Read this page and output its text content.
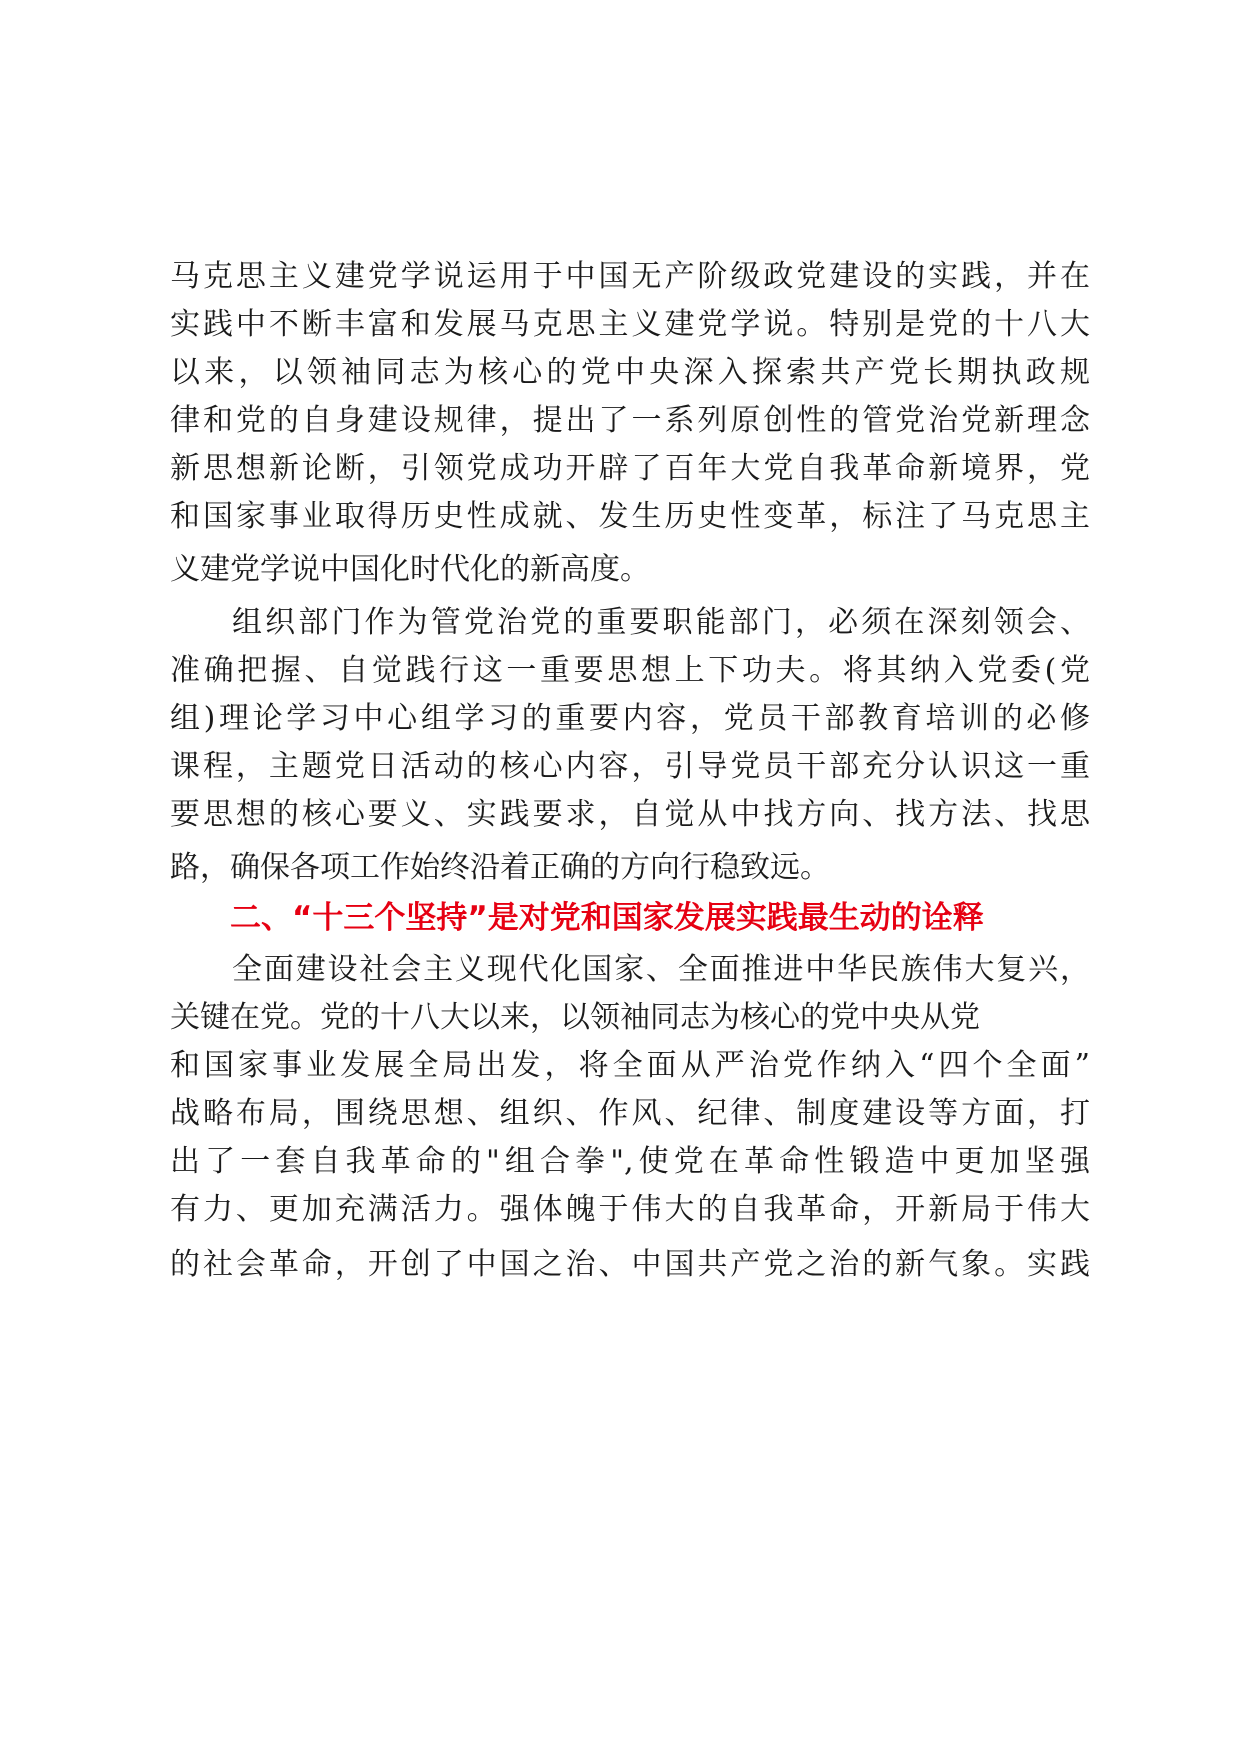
马克思主义建党学说运用于中国无产阶级政党建设的实践，并在
实践中不断丰富和发展马克思主义建党学说。特别是党的十八大
以来，以领袖同志为核心的党中央深入探索共产党长期执政规
律和党的自身建设规律，提出了一系列原创性的管党治党新理念
新思想新论断，引领党成功开辟了百年大党自我革命新境界，党
和国家事业取得历史性成就、发生历史性变革，标注了马克思主
义建党学说中国化时代化的新高度。
组织部门作为管党治党的重要职能部门，必须在深刻领会、
准确把握、自觉践行这一重要思想上下功夫。将其纳入党委(党
组)理论学习中心组学习的重要内容，党员干部教育培训的必修
课程，主题党日活动的核心内容，引导党员干部充分认识这一重
要思想的核心要义、实践要求，自觉从中找方向、找方法、找思
路，确保各项工作始终沿着正确的方向行稳致远。
二、“十三个坚持”是对党和国家发展实践最生动的诠释
全面建设社会主义现代化国家、全面推进中华民族伟大复兴，
关键在党。党的十八大以来，以领袖同志为核心的党中央从党
和国家事业发展全局出发，将全面从严治党作纳入“四个全面”
战略布局，围绕思想、组织、作风、纪律、制度建设等方面，打
出了一套自我革命的"组合拳",使党在革命性锻造中更加坚强
有力、更加充满活力。强体魄于伟大的自我革命，开新局于伟大
的社会革命，开创了中国之治、中国共产党之治的新气象。实践
